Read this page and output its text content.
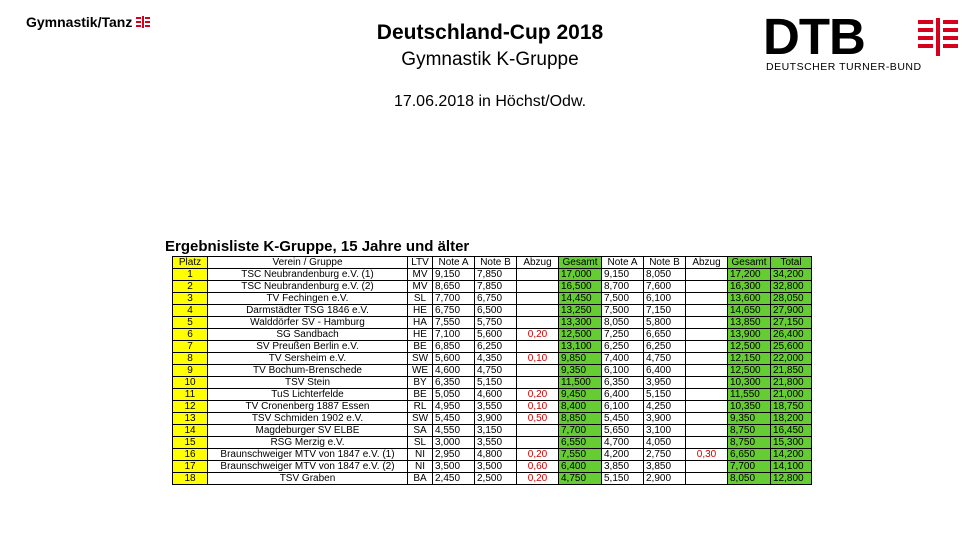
Gymnastik/Tanz	Deutschland-Cup 2018
Gymnastik K-Gruppe
17.06.2018 in Höchst/Odw.
DTB
DEUTSCHER TURNER-BUND
Ergebnisliste K-Gruppe, 15 Jahre und älter
Platz	Verein / Gruppe	LTV	Note A	Note B	Abzug	Gesamt	Note A	Note B	Abzug	Gesamt	Total
1	TSC Neubrandenburg e.V. (1)	MV	9,150	7,850		17,000	9,150	8,050		17,200	34,200
2	TSC Neubrandenburg e.V. (2)	MV	8,650	7,850		16,500	8,700	7,600		16,300	32,800
3	TV Fechingen e.V.	SL	7,700	6,750		14,450	7,500	6,100		13,600	28,050
4	Darmstädter TSG 1846 e.V.	HE	6,750	6,500		13,250	7,500	7,150		14,650	27,900
5	Walddörfer SV - Hamburg	HA	7,550	5,750		13,300	8,050	5,800		13,850	27,150
6	SG Sandbach	HE	7,100	5,600	0,20	12,500	7,250	6,650		13,900	26,400
7	SV Preußen Berlin e.V.	BE	6,850	6,250		13,100	6,250	6,250		12,500	25,600
8	TV Sersheim e.V.	SW	5,600	4,350	0,10	9,850	7,400	4,750		12,150	22,000
9	TV Bochum-Brenschede	WE	4,600	4,750		9,350	6,100	6,400		12,500	21,850
10	TSV Stein	BY	6,350	5,150		11,500	6,350	3,950		10,300	21,800
11	TuS Lichterfelde	BE	5,050	4,600	0,20	9,450	6,400	5,150		11,550	21,000
12	TV Cronenberg 1887 Essen	RL	4,950	3,550	0,10	8,400	6,100	4,250		10,350	18,750
13	TSV Schmiden 1902 e.V.	SW	5,450	3,900	0,50	8,850	5,450	3,900		9,350	18,200
14	Magdeburger SV ELBE	SA	4,550	3,150		7,700	5,650	3,100		8,750	16,450
15	RSG Merzig e.V.	SL	3,000	3,550		6,550	4,700	4,050		8,750	15,300
16	Braunschweiger MTV von 1847 e.V. (1)	NI	2,950	4,800	0,20	7,550	4,200	2,750	0,30	6,650	14,200
17	Braunschweiger MTV von 1847 e.V. (2)	NI	3,500	3,500	0,60	6,400	3,850	3,850		7,700	14,100
18	TSV Graben	BA	2,450	2,500	0,20	4,750	5,150	2,900		8,050	12,800
